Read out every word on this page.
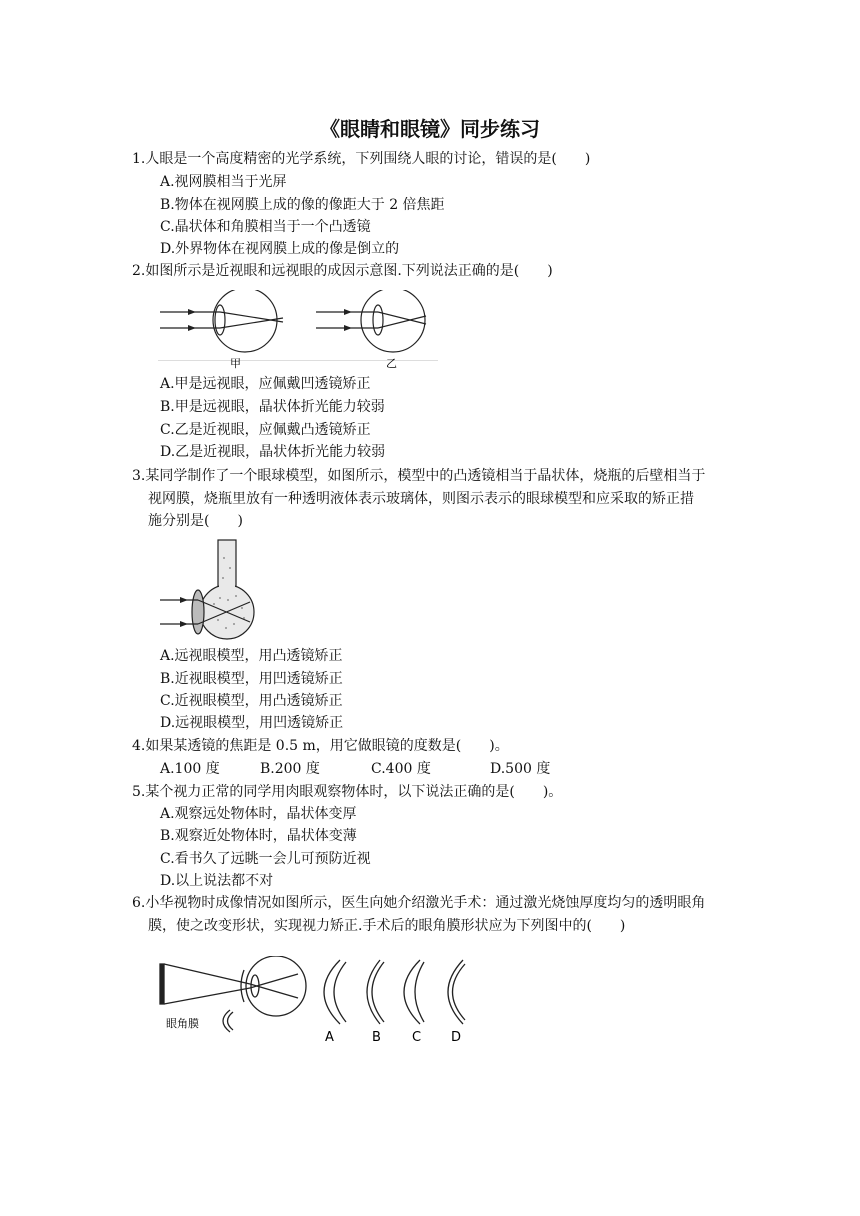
《眼睛和眼镜》同步练习
1.人眼是一个高度精密的光学系统，下列围绕人眼的讨论，错误的是(　　)
A.视网膜相当于光屏
B.物体在视网膜上成的像的像距大于 2 倍焦距
C.晶状体和角膜相当于一个凸透镜
D.外界物体在视网膜上成的像是倒立的
2.如图所示是近视眼和远视眼的成因示意图.下列说法正确的是(　　)
甲	乙
A.甲是远视眼，应佩戴凹透镜矫正
B.甲是远视眼，晶状体折光能力较弱
C.乙是近视眼，应佩戴凸透镜矫正
D.乙是近视眼，晶状体折光能力较弱
3.某同学制作了一个眼球模型，如图所示，模型中的凸透镜相当于晶状体，烧瓶的后壁相当于
视网膜，烧瓶里放有一种透明液体表示玻璃体，则图示表示的眼球模型和应采取的矫正措
施分别是(　　)
A.远视眼模型，用凸透镜矫正
B.近视眼模型，用凹透镜矫正
C.近视眼模型，用凸透镜矫正
D.远视眼模型，用凹透镜矫正
4.如果某透镜的焦距是 0.5 m，用它做眼镜的度数是(　　)。
A.100 度	B.200 度	C.400 度	D.500 度
5.某个视力正常的同学用肉眼观察物体时，以下说法正确的是(　　)。
A.观察远处物体时，晶状体变厚
B.观察近处物体时，晶状体变薄
C.看书久了远眺一会儿可预防近视
D.以上说法都不对
6.小华视物时成像情况如图所示，医生向她介绍激光手术：通过激光烧蚀厚度均匀的透明眼角
膜，使之改变形状，实现视力矫正.手术后的眼角膜形状应为下列图中的(　　)
眼角膜
A	B C D
